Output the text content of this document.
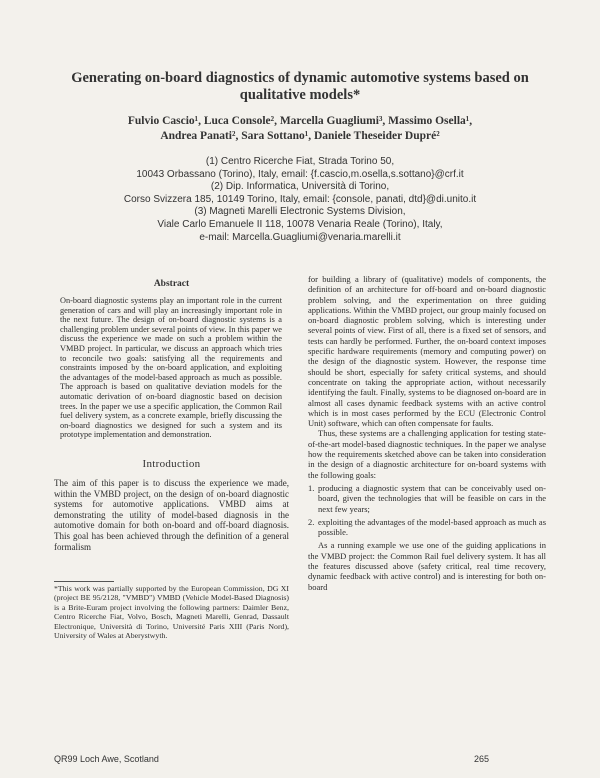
Generating on-board diagnostics of dynamic automotive systems based on qualitative models*
Fulvio Cascio¹, Luca Console², Marcella Guagliumi³, Massimo Osella¹,
Andrea Panati², Sara Sottano¹, Daniele Theseider Dupré²
(1) Centro Ricerche Fiat, Strada Torino 50,
10043 Orbassano (Torino), Italy, email: {f.cascio,m.osella,s.sottano}@crf.it
(2) Dip. Informatica, Università di Torino,
Corso Svizzera 185, 10149 Torino, Italy, email: {console, panati, dtd}@di.unito.it
(3) Magneti Marelli Electronic Systems Division,
Viale Carlo Emanuele II 118, 10078 Venaria Reale (Torino), Italy,
e-mail: Marcella.Guagliumi@venaria.marelli.it
Abstract
On-board diagnostic systems play an important role in the current generation of cars and will play an increasingly important role in the next future. The design of on-board diagnostic systems is a challenging problem under several points of view. In this paper we discuss the experience we made on such a problem within the VMBD project. In particular, we discuss an approach which tries to reconcile two goals: satisfying all the requirements and constraints imposed by the on-board application, and exploiting the advantages of the model-based approach as much as possible. The approach is based on qualitative deviation models for the automatic derivation of on-board diagnostic based on decision trees. In the paper we use a specific application, the Common Rail fuel delivery system, as a concrete example, briefly discussing the on-board diagnostics we designed for such a system and its prototype implementation and demonstration.
Introduction
The aim of this paper is to discuss the experience we made, within the VMBD project, on the design of on-board diagnostic systems for automotive applications. VMBD aims at demonstrating the utility of model-based diagnosis in the automotive domain for both on-board and off-board diagnosis. This goal has been achieved through the definition of a general formalism
*This work was partially supported by the European Commission, DG XI (project BE 95/2128, "VMBD") VMBD (Vehicle Model-Based Diagnosis) is a Brite-Euram project involving the following partners: Daimler Benz, Centro Ricerche Fiat, Volvo, Bosch, Magneti Marelli, Genrad, Dassault Electronique, Università di Torino, Université Paris XIII (Paris Nord), University of Wales at Aberystwyth.

for building a library of (qualitative) models of components, the definition of an architecture for off-board and on-board diagnostic problem solving, and the experimentation on three guiding applications. Within the VMBD project, our group mainly focused on on-board diagnostic problem solving, which is interesting under several points of view. First of all, there is a fixed set of sensors, and tests can hardly be performed. Further, the on-board context imposes specific hardware requirements (memory and computing power) on the design of the diagnostic system. However, the response time should be short, especially for safety critical systems, and should concentrate on taking the appropriate action, without necessarily identifying the fault. Finally, systems to be diagnosed on-board are in almost all cases dynamic feedback systems with an active control which is in most cases performed by the ECU (Electronic Control Unit) software, which can often compensate for faults.

Thus, these systems are a challenging application for testing state-of-the-art model-based diagnostic techniques. In the paper we analyse how the requirements sketched above can be taken into consideration in the design of a diagnostic architecture for on-board systems with the following goals:

1. producing a diagnostic system that can be conceivably used on-board, given the technologies that will be feasible on cars in the next few years;
2. exploiting the advantages of the model-based approach as much as possible.

As a running example we use one of the guiding applications in the VMBD project: the Common Rail fuel delivery system. It has all the features discussed above (safety critical, real time recovery, dynamic feedback with active control) and is interesting for both on-board

QR99 Loch Awe, Scotland	265
